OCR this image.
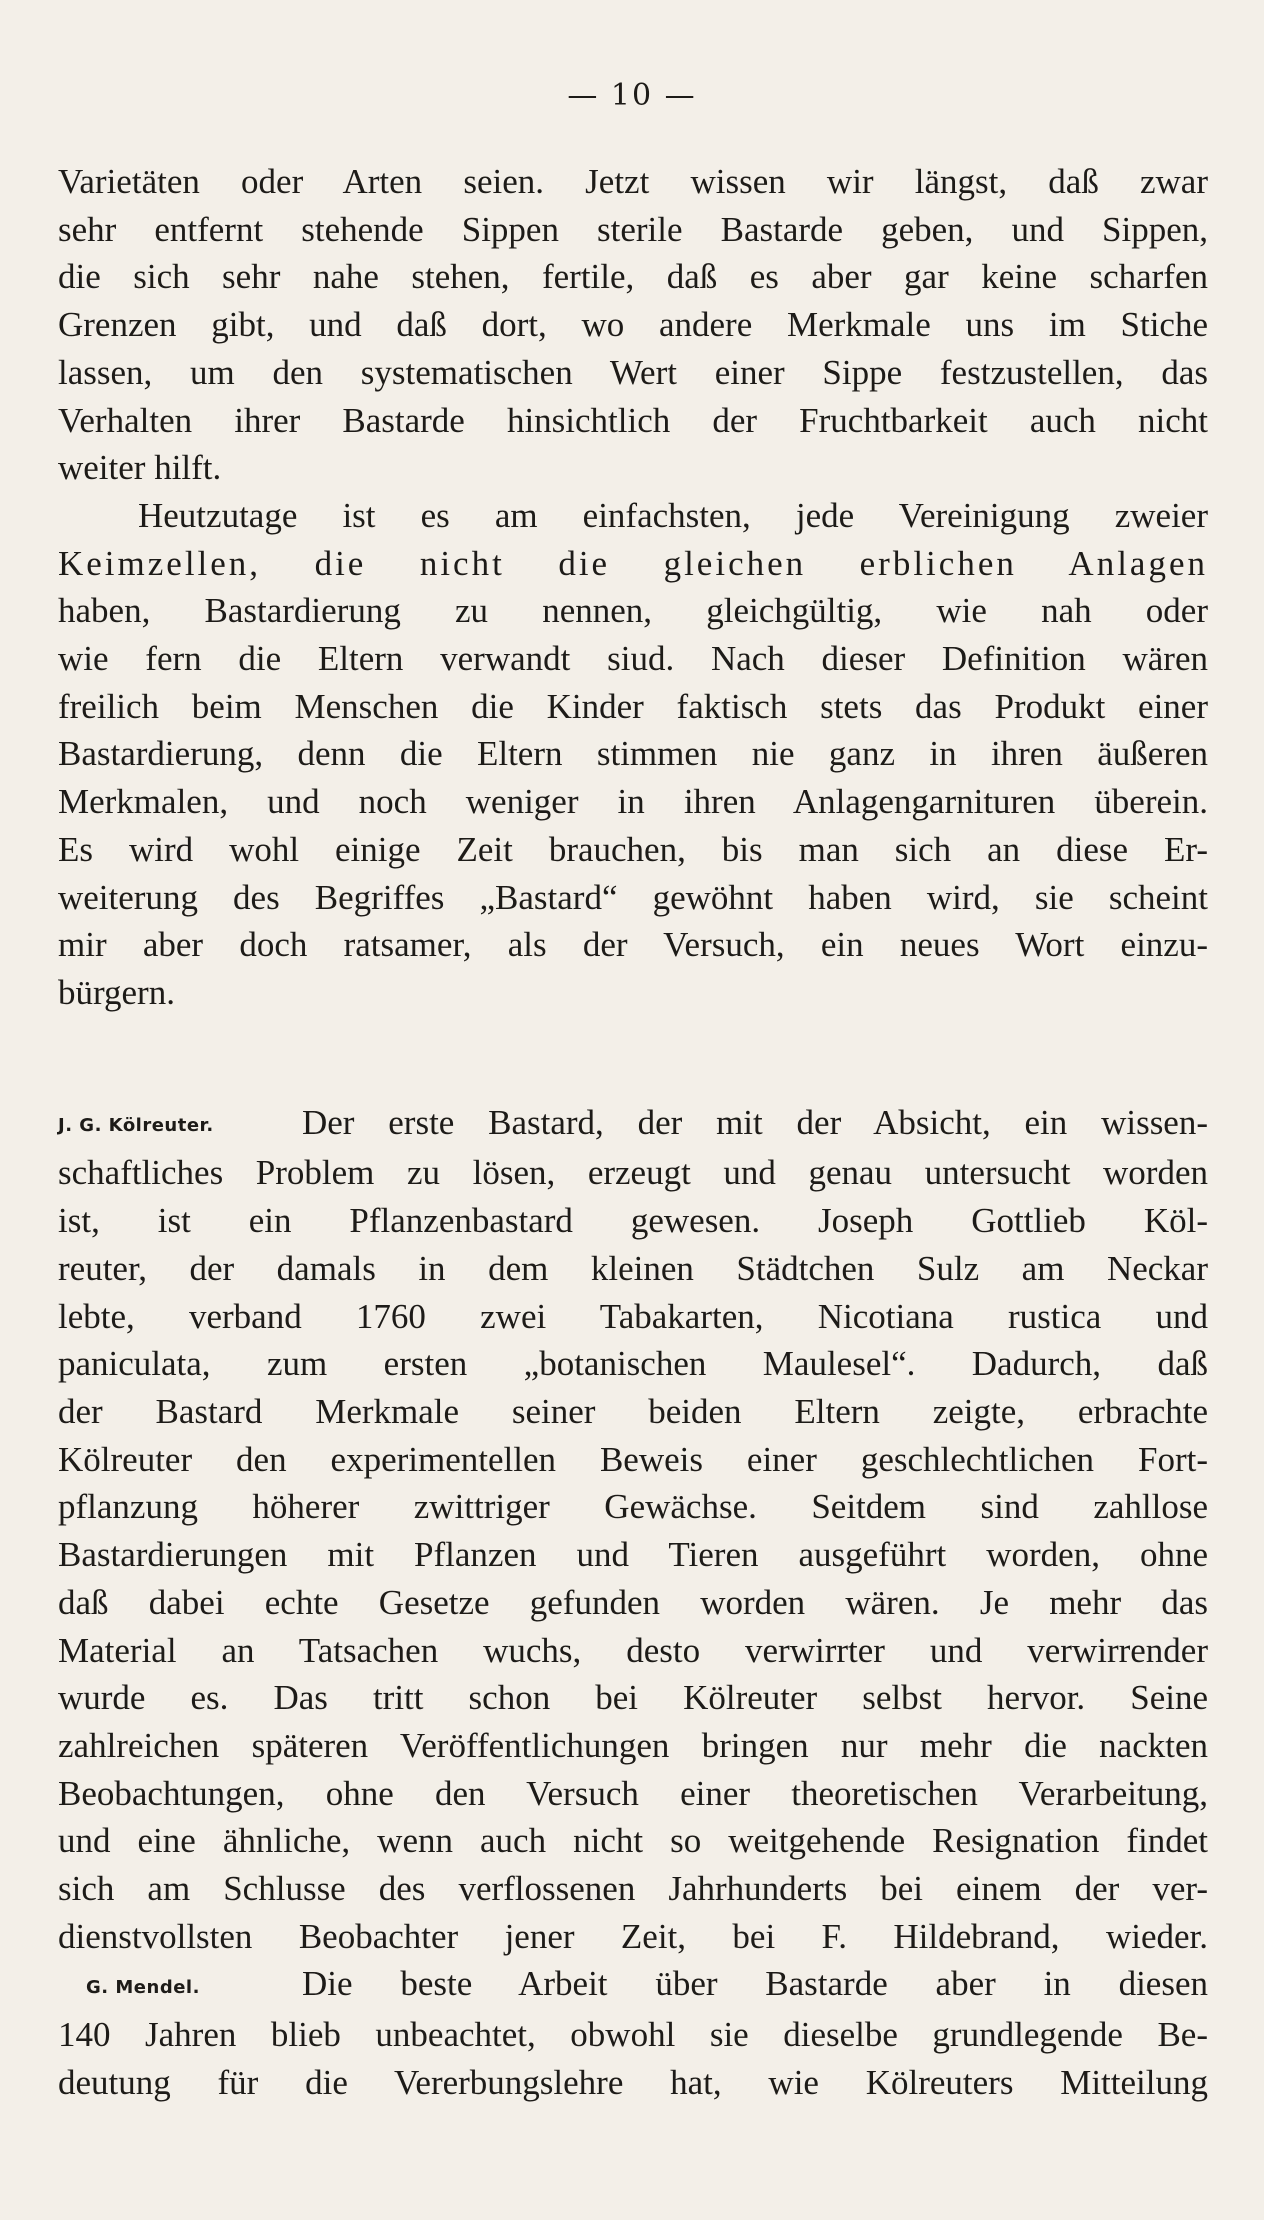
— 10 —
Varietäten oder Arten seien. Jetzt wissen wir längst, daß zwar
sehr entfernt stehende Sippen sterile Bastarde geben, und Sippen,
die sich sehr nahe stehen, fertile, daß es aber gar keine scharfen
Grenzen gibt, und daß dort, wo andere Merkmale uns im Stiche
lassen, um den systematischen Wert einer Sippe festzustellen, das
Verhalten ihrer Bastarde hinsichtlich der Fruchtbarkeit auch nicht
weiter hilft.
Heutzutage ist es am einfachsten, jede Vereinigung zweier
Keimzellen, die nicht die gleichen erblichen Anlagen
haben, Bastardierung zu nennen, gleichgültig, wie nah oder
wie fern die Eltern verwandt siud. Nach dieser Definition wären
freilich beim Menschen die Kinder faktisch stets das Produkt einer
Bastardierung, denn die Eltern stimmen nie ganz in ihren äußeren
Merkmalen, und noch weniger in ihren Anlagengarnituren überein.
Es wird wohl einige Zeit brauchen, bis man sich an diese Er-
weiterung des Begriffes „Bastard“ gewöhnt haben wird, sie scheint
mir aber doch ratsamer, als der Versuch, ein neues Wort einzu-
bürgern.
J. G. Kölreuter.	Der erste Bastard, der mit der Absicht, ein wissen-
schaftliches Problem zu lösen, erzeugt und genau untersucht worden
ist, ist ein Pflanzenbastard gewesen. Joseph Gottlieb Köl-
reuter, der damals in dem kleinen Städtchen Sulz am Neckar
lebte, verband 1760 zwei Tabakarten, Nicotiana rustica und
paniculata, zum ersten „botanischen Maulesel“. Dadurch, daß
der Bastard Merkmale seiner beiden Eltern zeigte, erbrachte
Kölreuter den experimentellen Beweis einer geschlechtlichen Fort-
pflanzung höherer zwittriger Gewächse. Seitdem sind zahllose
Bastardierungen mit Pflanzen und Tieren ausgeführt worden, ohne
daß dabei echte Gesetze gefunden worden wären. Je mehr das
Material an Tatsachen wuchs, desto verwirrter und verwirrender
wurde es. Das tritt schon bei Kölreuter selbst hervor. Seine
zahlreichen späteren Veröffentlichungen bringen nur mehr die nackten
Beobachtungen, ohne den Versuch einer theoretischen Verarbeitung,
und eine ähnliche, wenn auch nicht so weitgehende Resignation findet
sich am Schlusse des verflossenen Jahrhunderts bei einem der ver-
dienstvollsten Beobachter jener Zeit, bei F. Hildebrand, wieder.
G. Mendel.	Die beste Arbeit über Bastarde aber in diesen
140 Jahren blieb unbeachtet, obwohl sie dieselbe grundlegende Be-
deutung für die Vererbungslehre hat, wie Kölreuters Mitteilung
